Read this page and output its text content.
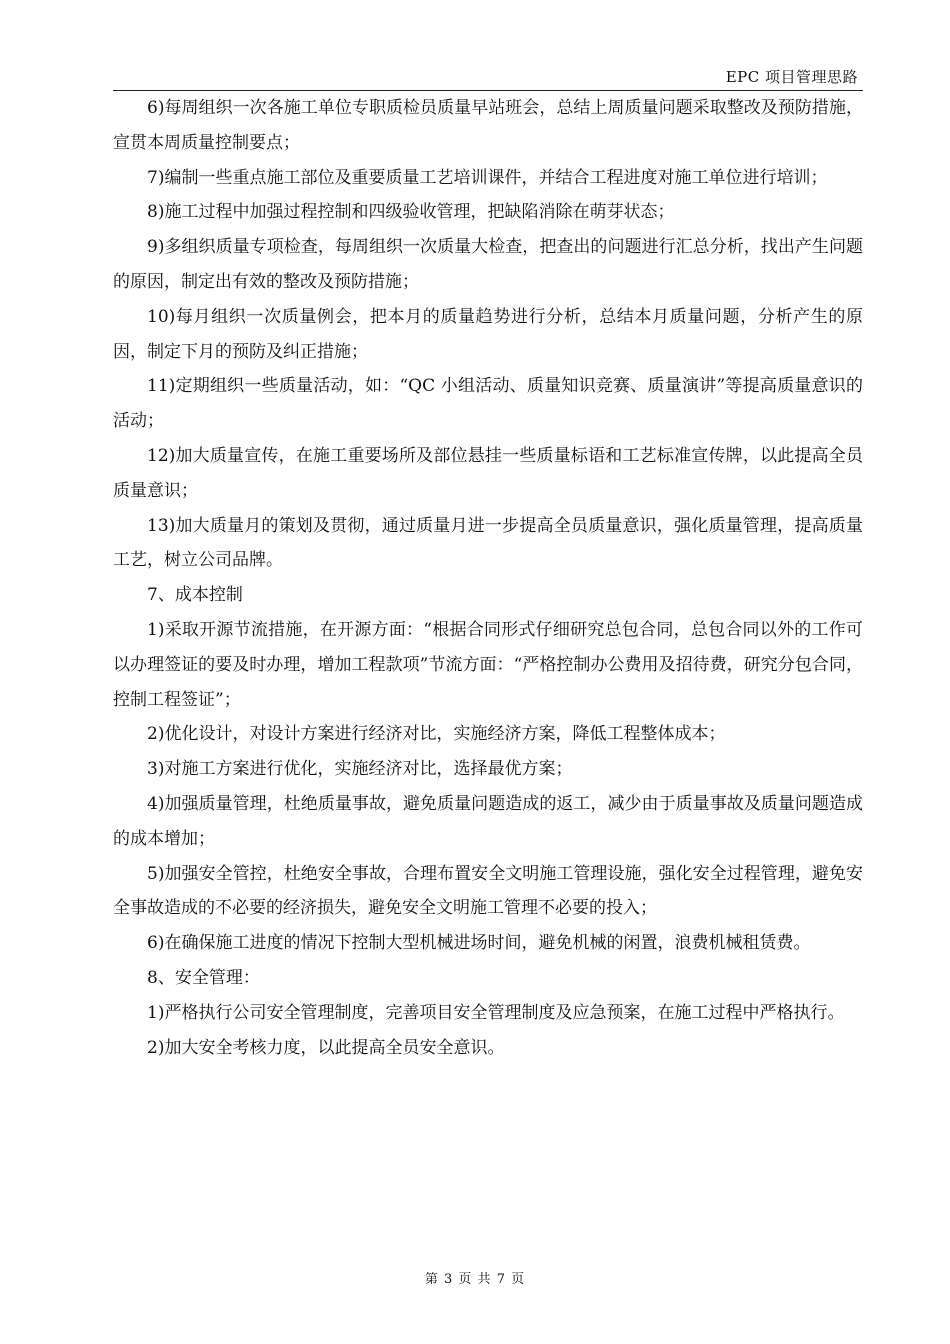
EPC 项目管理思路

6)每周组织一次各施工单位专职质检员质量早站班会，总结上周质量问题采取整改及预防措施，宣贯本周质量控制要点；

7)编制一些重点施工部位及重要质量工艺培训课件，并结合工程进度对施工单位进行培训；

8)施工过程中加强过程控制和四级验收管理，把缺陷消除在萌芽状态；

9)多组织质量专项检查，每周组织一次质量大检查，把查出的问题进行汇总分析，找出产生问题的原因，制定出有效的整改及预防措施；

10)每月组织一次质量例会，把本月的质量趋势进行分析，总结本月质量问题，分析产生的原因，制定下月的预防及纠正措施；

11)定期组织一些质量活动，如：“QC 小组活动、质量知识竞赛、质量演讲”等提高质量意识的活动；

12)加大质量宣传，在施工重要场所及部位悬挂一些质量标语和工艺标准宣传牌，以此提高全员质量意识；

13)加大质量月的策划及贯彻，通过质量月进一步提高全员质量意识，强化质量管理，提高质量工艺，树立公司品牌。

7、成本控制

1)采取开源节流措施，在开源方面：“根据合同形式仔细研究总包合同，总包合同以外的工作可以办理签证的要及时办理，增加工程款项”节流方面：“严格控制办公费用及招待费，研究分包合同，控制工程签证”；

2)优化设计，对设计方案进行经济对比，实施经济方案，降低工程整体成本；

3)对施工方案进行优化，实施经济对比，选择最优方案；

4)加强质量管理，杜绝质量事故，避免质量问题造成的返工，减少由于质量事故及质量问题造成的成本增加；

5)加强安全管控，杜绝安全事故，合理布置安全文明施工管理设施，强化安全过程管理，避免安全事故造成的不必要的经济损失，避免安全文明施工管理不必要的投入；

6)在确保施工进度的情况下控制大型机械进场时间，避免机械的闲置，浪费机械租赁费。

8、安全管理：

1)严格执行公司安全管理制度，完善项目安全管理制度及应急预案，在施工过程中严格执行。

2)加大安全考核力度，以此提高全员安全意识。

第 3 页 共 7 页
